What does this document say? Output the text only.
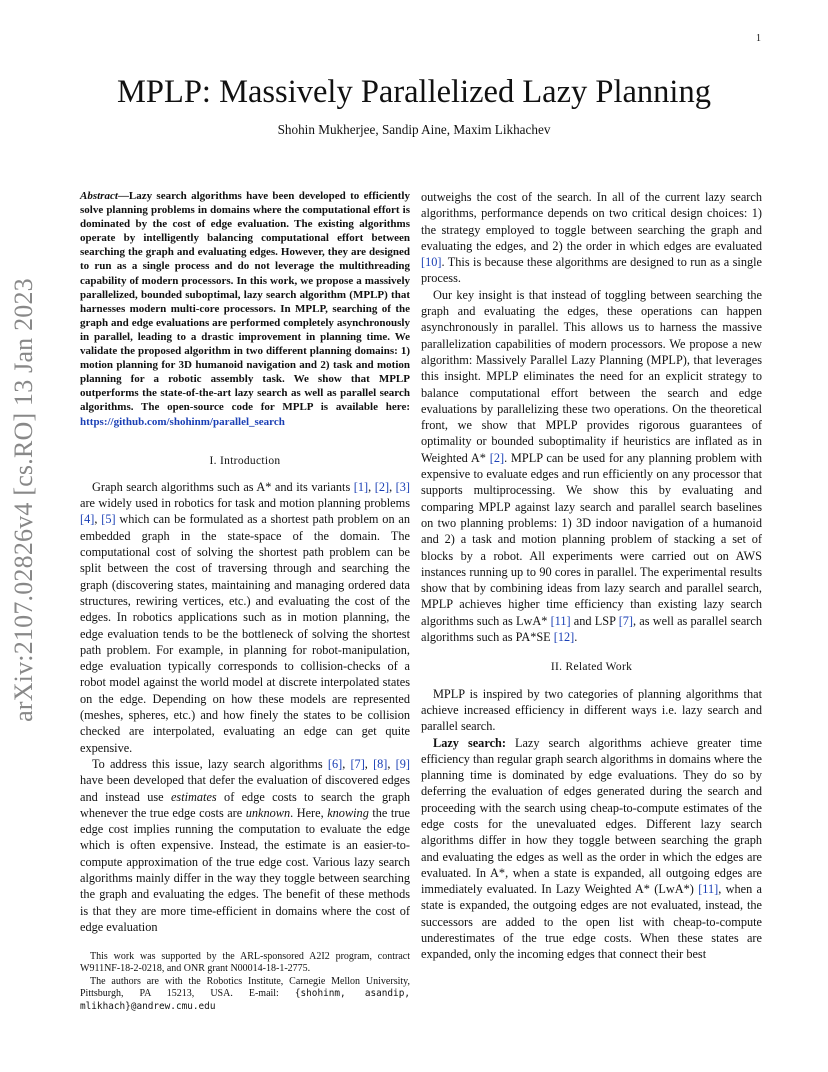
1
arXiv:2107.02826v4 [cs.RO] 13 Jan 2023
MPLP: Massively Parallelized Lazy Planning
Shohin Mukherjee, Sandip Aine, Maxim Likhachev

Abstract—Lazy search algorithms have been developed to efficiently solve planning problems in domains where the computational effort is dominated by the cost of edge evaluation. The existing algorithms operate by intelligently balancing computational effort between searching the graph and evaluating edges. However, they are designed to run as a single process and do not leverage the multithreading capability of modern processors. In this work, we propose a massively parallelized, bounded suboptimal, lazy search algorithm (MPLP) that harnesses modern multi-core processors. In MPLP, searching of the graph and edge evaluations are performed completely asynchronously in parallel, leading to a drastic improvement in planning time. We validate the proposed algorithm in two different planning domains: 1) motion planning for 3D humanoid navigation and 2) task and motion planning for a robotic assembly task. We show that MPLP outperforms the state-of-the-art lazy search as well as parallel search algorithms. The open-source code for MPLP is available here: https://github.com/shohinm/parallel_search

I. Introduction

Graph search algorithms such as A* and its variants [1], [2], [3] are widely used in robotics for task and motion planning problems [4], [5] which can be formulated as a shortest path problem on an embedded graph in the state-space of the domain. The computational cost of solving the shortest path problem can be split between the cost of traversing through and searching the graph (discovering states, maintaining and managing ordered data structures, rewiring vertices, etc.) and evaluating the cost of the edges. In robotics applications such as in motion planning, the edge evaluation tends to be the bottleneck of solving the shortest path problem. For example, in planning for robot-manipulation, edge evaluation typically corresponds to collision-checks of a robot model against the world model at discrete interpolated states on the edge. Depending on how these models are represented (meshes, spheres, etc.) and how finely the states to be collision checked are interpolated, evaluating an edge can get quite expensive.

To address this issue, lazy search algorithms [6], [7], [8], [9] have been developed that defer the evaluation of discovered edges and instead use estimates of edge costs to search the graph whenever the true edge costs are unknown. Here, knowing the true edge cost implies running the computation to evaluate the edge which is often expensive. Instead, the estimate is an easier-to-compute approximation of the true edge cost. Various lazy search algorithms mainly differ in the way they toggle between searching the graph and evaluating the edges. The benefit of these methods is that they are more time-efficient in domains where the cost of edge evaluation

This work was supported by the ARL-sponsored A2I2 program, contract W911NF-18-2-0218, and ONR grant N00014-18-1-2775.

The authors are with the Robotics Institute, Carnegie Mellon University, Pittsburgh, PA 15213, USA. E-mail: {shohinm, asandip, mlikhach}@andrew.cmu.edu

outweighs the cost of the search. In all of the current lazy search algorithms, performance depends on two critical design choices: 1) the strategy employed to toggle between searching the graph and evaluating the edges, and 2) the order in which edges are evaluated [10]. This is because these algorithms are designed to run as a single process.

Our key insight is that instead of toggling between searching the graph and evaluating the edges, these operations can happen asynchronously in parallel. This allows us to harness the massive parallelization capabilities of modern processors. We propose a new algorithm: Massively Parallel Lazy Planning (MPLP), that leverages this insight. MPLP eliminates the need for an explicit strategy to balance computational effort between the search and edge evaluations by parallelizing these two operations. On the theoretical front, we show that MPLP provides rigorous guarantees of optimality or bounded suboptimality if heuristics are inflated as in Weighted A* [2]. MPLP can be used for any planning problem with expensive to evaluate edges and run efficiently on any processor that supports multiprocessing. We show this by evaluating and comparing MPLP against lazy search and parallel search baselines on two planning problems: 1) 3D indoor navigation of a humanoid and 2) a task and motion planning problem of stacking a set of blocks by a robot. All experiments were carried out on AWS instances running up to 90 cores in parallel. The experimental results show that by combining ideas from lazy search and parallel search, MPLP achieves higher time efficiency than existing lazy search algorithms such as LwA* [11] and LSP [7], as well as parallel search algorithms such as PA*SE [12].

II. Related Work

MPLP is inspired by two categories of planning algorithms that achieve increased efficiency in different ways i.e. lazy search and parallel search.

Lazy search: Lazy search algorithms achieve greater time efficiency than regular graph search algorithms in domains where the planning time is dominated by edge evaluations. They do so by deferring the evaluation of edges generated during the search and proceeding with the search using cheap-to-compute estimates of the edge costs for the unevaluated edges. Different lazy search algorithms differ in how they toggle between searching the graph and evaluating the edges as well as the order in which the edges are evaluated. In A*, when a state is expanded, all outgoing edges are immediately evaluated. In Lazy Weighted A* (LwA*) [11], when a state is expanded, the outgoing edges are not evaluated, instead, the successors are added to the open list with cheap-to-compute underestimates of the true edge costs. When these states are expanded, only the incoming edges that connect their best
